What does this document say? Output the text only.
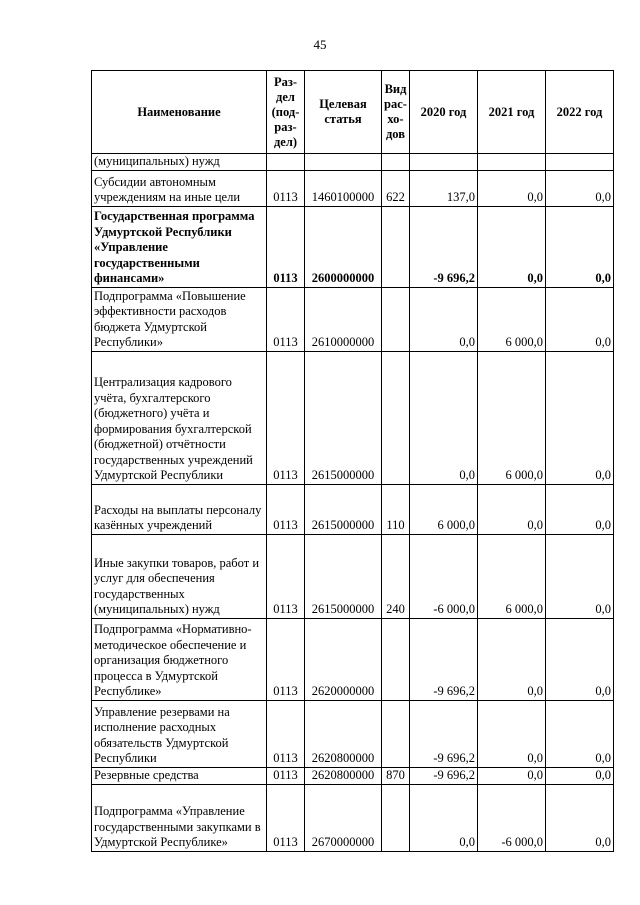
45
Наименование	Раз-дел (под-раз-дел)	Целевая статья	Вид рас-хо-дов	2020 год	2021 год	2022 год
(муниципальных) нужд						
Субсидии автономным учреждениям на иные цели	0113	1460100000	622	137,0	0,0	0,0
Государственная программа Удмуртской Республики «Управление государственными финансами»	0113	2600000000		-9 696,2	0,0	0,0
Подпрограмма «Повышение эффективности расходов бюджета Удмуртской Республики»	0113	2610000000		0,0	6 000,0	0,0
Централизация кадрового учёта, бухгалтерского (бюджетного) учёта и формирования бухгалтерской (бюджетной) отчётности государственных учреждений Удмуртской Республики	0113	2615000000		0,0	6 000,0	0,0
Расходы на выплаты персоналу казённых учреждений	0113	2615000000	110	6 000,0	0,0	0,0
Иные закупки товаров, работ и услуг для обеспечения государственных (муниципальных) нужд	0113	2615000000	240	-6 000,0	6 000,0	0,0
Подпрограмма «Нормативно-методическое обеспечение и организация бюджетного процесса в Удмуртской Республике»	0113	2620000000		-9 696,2	0,0	0,0
Управление резервами на исполнение расходных обязательств Удмуртской Республики	0113	2620800000		-9 696,2	0,0	0,0
Резервные средства	0113	2620800000	870	-9 696,2	0,0	0,0
Подпрограмма «Управление государственными закупками в Удмуртской Республике»	0113	2670000000		0,0	-6 000,0	0,0
